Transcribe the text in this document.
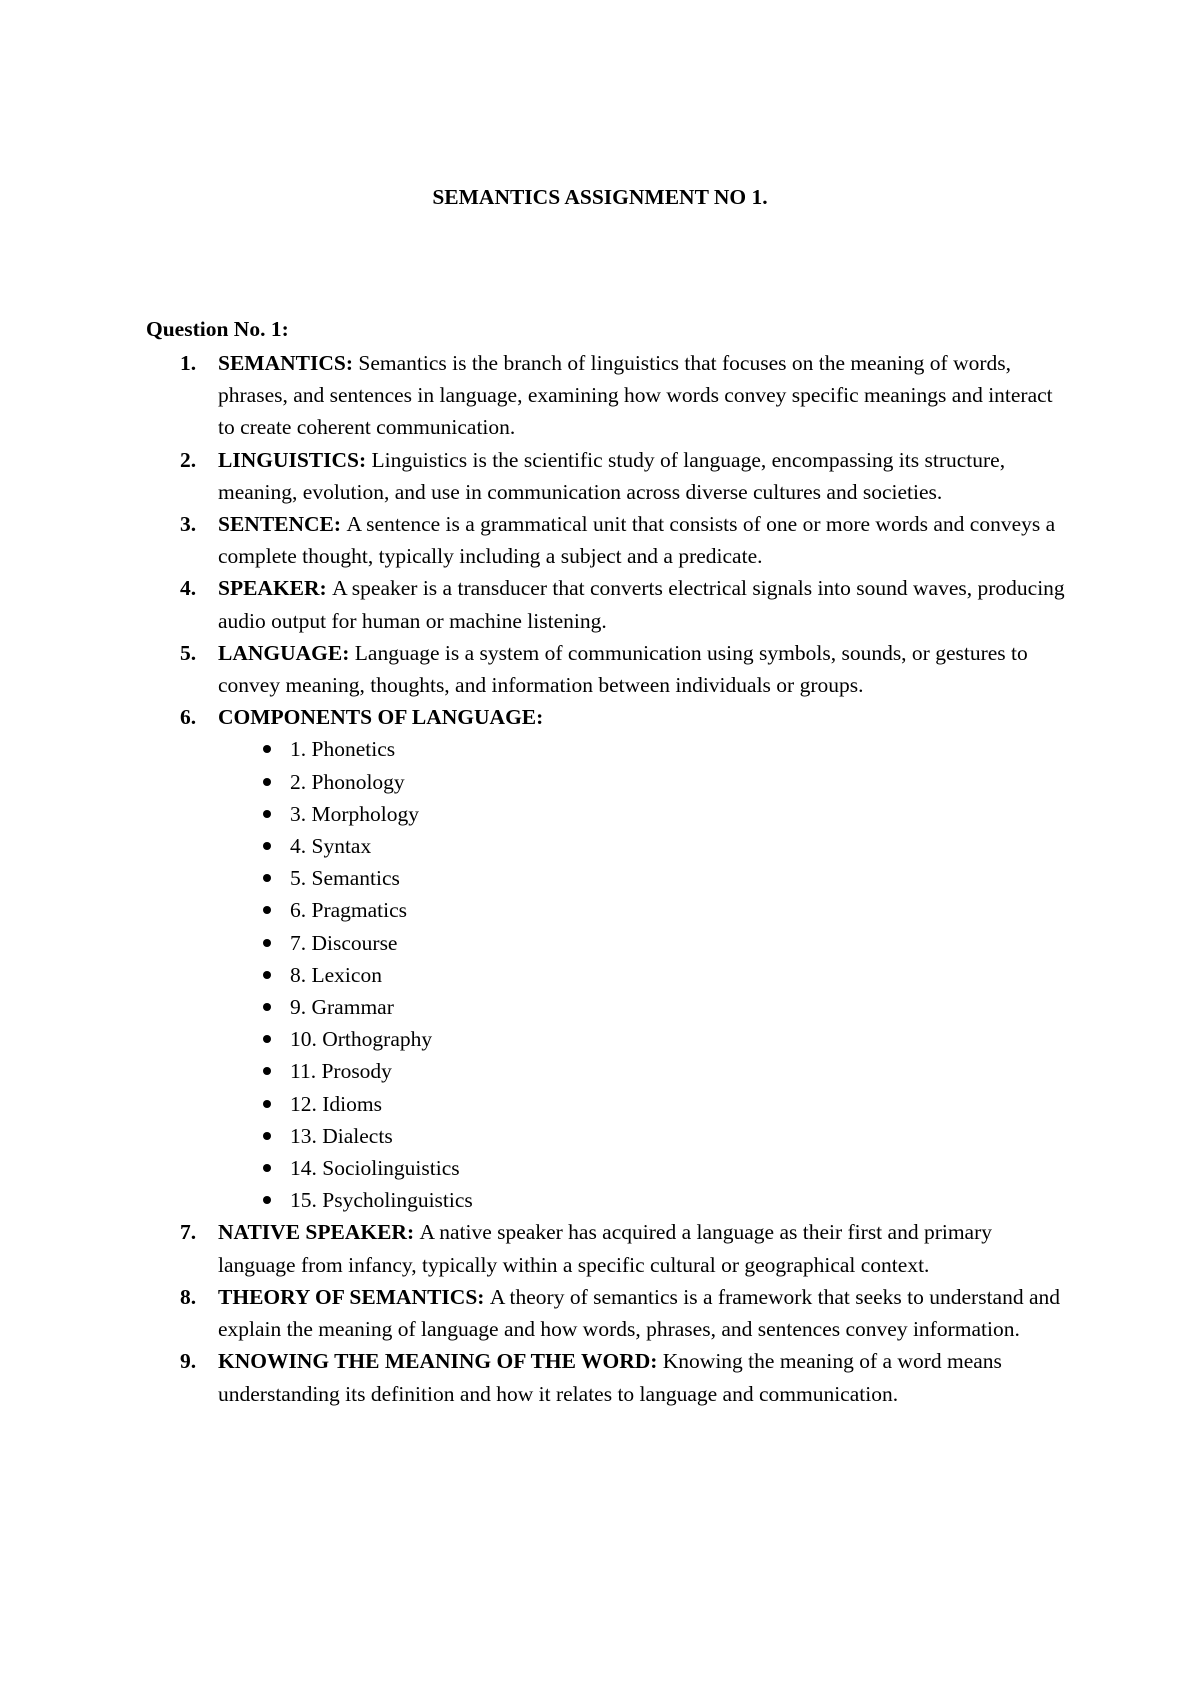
SEMANTICS ASSIGNMENT NO 1.
Question No. 1:
1. SEMANTICS: Semantics is the branch of linguistics that focuses on the meaning of words, phrases, and sentences in language, examining how words convey specific meanings and interact to create coherent communication.
2. LINGUISTICS: Linguistics is the scientific study of language, encompassing its structure, meaning, evolution, and use in communication across diverse cultures and societies.
3. SENTENCE: A sentence is a grammatical unit that consists of one or more words and conveys a complete thought, typically including a subject and a predicate.
4. SPEAKER: A speaker is a transducer that converts electrical signals into sound waves, producing audio output for human or machine listening.
5. LANGUAGE: Language is a system of communication using symbols, sounds, or gestures to convey meaning, thoughts, and information between individuals or groups.
6. COMPONENTS OF LANGUAGE:
1. Phonetics
2. Phonology
3. Morphology
4. Syntax
5. Semantics
6. Pragmatics
7. Discourse
8. Lexicon
9. Grammar
10. Orthography
11. Prosody
12. Idioms
13. Dialects
14. Sociolinguistics
15. Psycholinguistics
7. NATIVE SPEAKER: A native speaker has acquired a language as their first and primary language from infancy, typically within a specific cultural or geographical context.
8. THEORY OF SEMANTICS: A theory of semantics is a framework that seeks to understand and explain the meaning of language and how words, phrases, and sentences convey information.
9. KNOWING THE MEANING OF THE WORD: Knowing the meaning of a word means understanding its definition and how it relates to language and communication.
